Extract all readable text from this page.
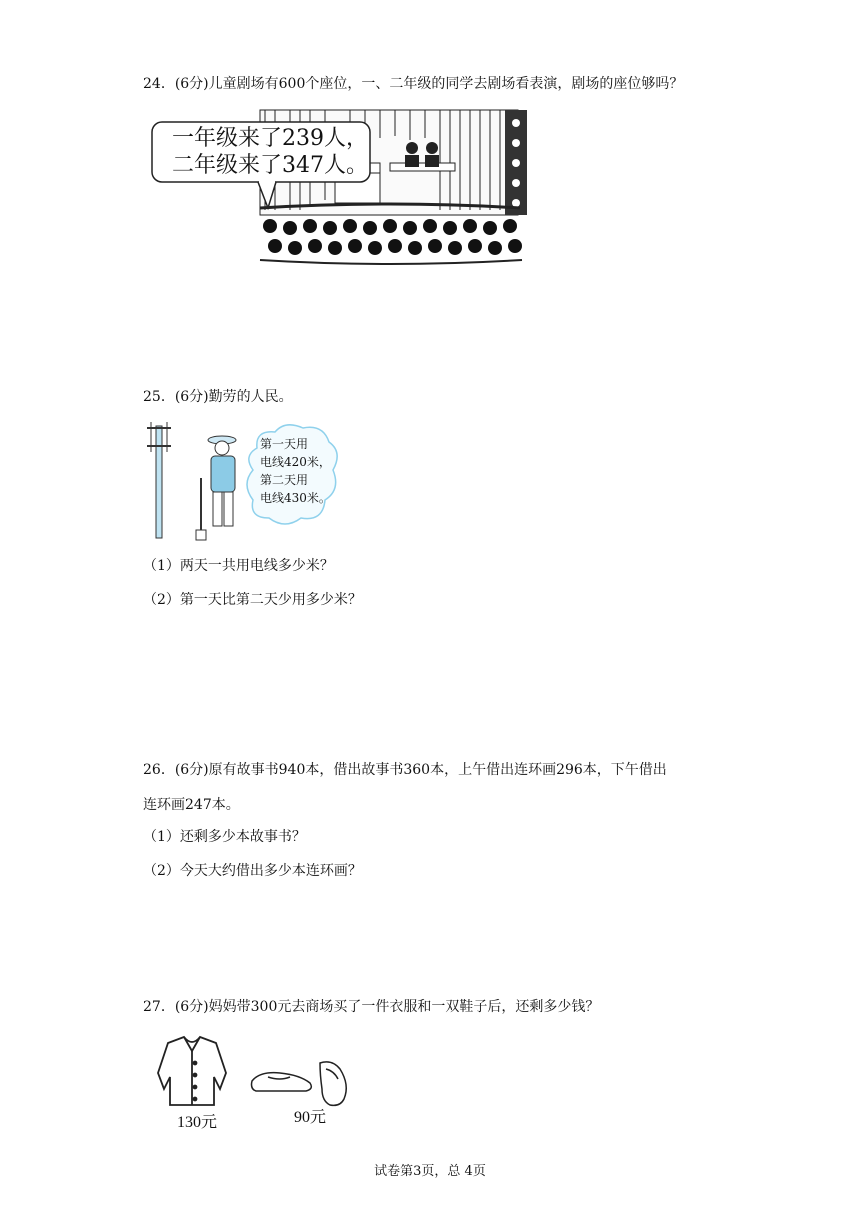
24．(6分)儿童剧场有600个座位，一、二年级的同学去剧场看表演，剧场的座位够吗？
一年级来了239人，
二年级来了347人。
25．(6分)勤劳的人民。
第一天用
电线420米，
第二天用
电线430米。
（1）两天一共用电线多少米？
（2）第一天比第二天少用多少米？
26．(6分)原有故事书940本，借出故事书360本，上午借出连环画296本，下午借出
连环画247本。
（1）还剩多少本故事书？
（2）今天大约借出多少本连环画？
27．(6分)妈妈带300元去商场买了一件衣服和一双鞋子后，还剩多少钱？
130元	90元
试卷第3页，总 4页
